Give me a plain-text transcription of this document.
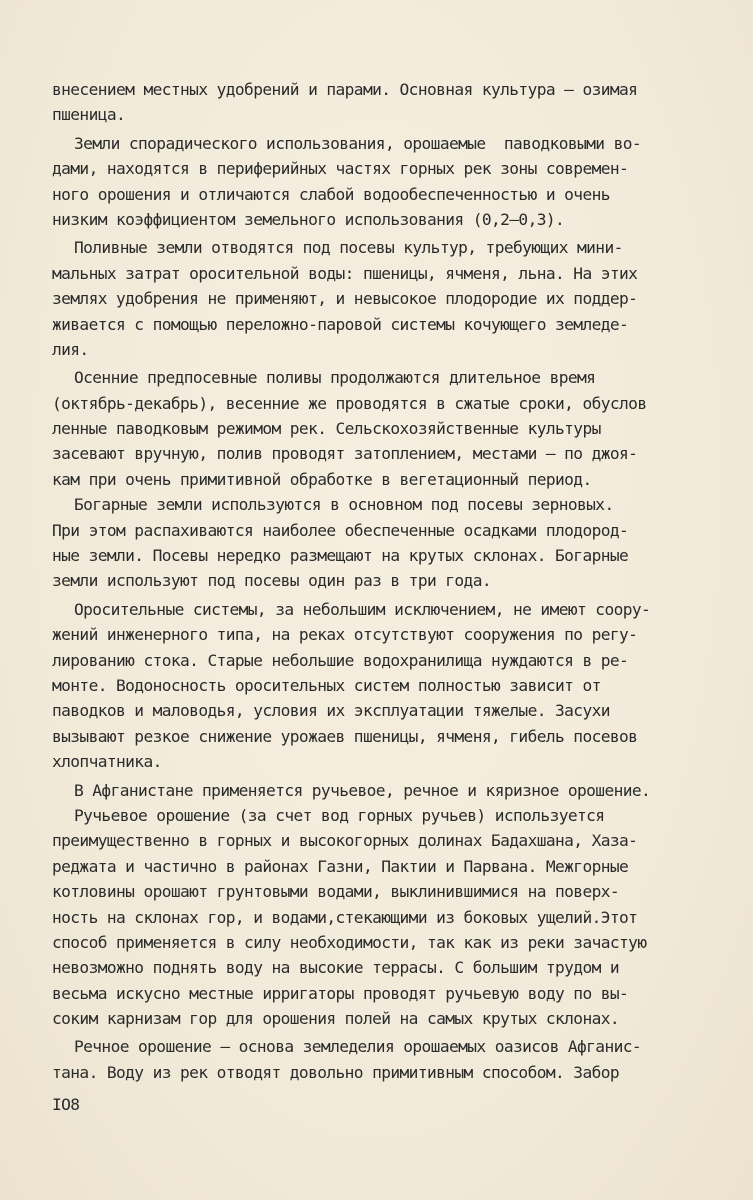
внесением местных удобрений и парами. Основная культура – озимая
пшеница.
Земли спорадического использования, орошаемые  паводковыми во-
дами, находятся в периферийных частях горных рек зоны современ-
ного орошения и отличаются слабой водообеспеченностью и очень
низким коэффициентом земельного использования (0,2–0,3).
Поливные земли отводятся под посевы культур, требующих мини-
мальных затрат оросительной воды: пшеницы, ячменя, льна. На этих
землях удобрения не применяют, и невысокое плодородие их поддер-
живается с помощью переложно-паровой системы кочующего земледе-
лия.
Осенние предпосевные поливы продолжаются длительное время
(октябрь-декабрь), весенние же проводятся в сжатые сроки, обуслов
ленные паводковым режимом рек. Сельскохозяйственные культуры
засевают вручную, полив проводят затоплением, местами – по джоя-
кам при очень примитивной обработке в вегетационный период.
Богарные земли используются в основном под посевы зерновых.
При этом распахиваются наиболее обеспеченные осадками плодород-
ные земли. Посевы нередко размещают на крутых склонах. Богарные
земли используют под посевы один раз в три года.
Оросительные системы, за небольшим исключением, не имеют соору-
жений инженерного типа, на реках отсутствуют сооружения по регу-
лированию стока. Старые небольшие водохранилища нуждаются в ре-
монте. Водоносность оросительных систем полностью зависит от
паводков и маловодья, условия их эксплуатации тяжелые. Засухи
вызывают резкое снижение урожаев пшеницы, ячменя, гибель посевов
хлопчатника.
В Афганистане применяется ручьевое, речное и кяризное орошение.
Ручьевое орошение (за счет вод горных ручьев) используется
преимущественно в горных и высокогорных долинах Бадахшана, Хаза-
реджата и частично в районах Газни, Пактии и Парвана. Межгорные
котловины орошают грунтовыми водами, выклинившимися на поверх-
ность на склонах гор, и водами,стекающими из боковых ущелий.Этот
способ применяется в силу необходимости, так как из реки зачастую
невозможно поднять воду на высокие террасы. С большим трудом и
весьма искусно местные ирригаторы проводят ручьевую воду по вы-
соким карнизам гор для орошения полей на самых крутых склонах.
Речное орошение – основа земледелия орошаемых оазисов Афганис-
тана. Воду из рек отводят довольно примитивным способом. Забор
IO8
